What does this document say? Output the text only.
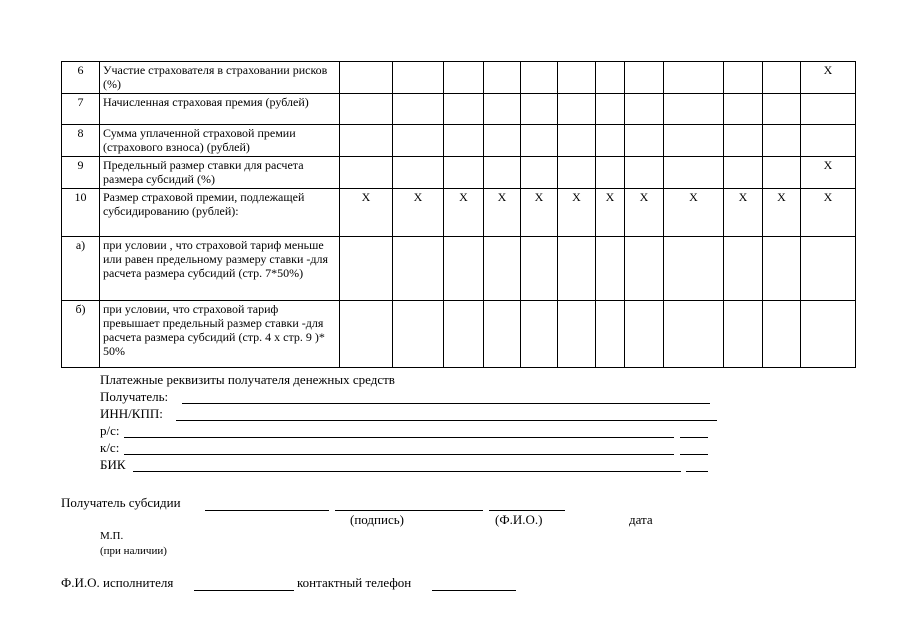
6	Участие страхователя в страховании рисков (%)												Х
7	Начисленная страховая премия (рублей)												
8	Сумма уплаченной страховой премии (страхового взноса) (рублей)												
9	Предельный размер ставки для расчета размера субсидий (%)												Х
10	Размер страховой премии, подлежащей субсидированию (рублей):	Х	Х	Х	Х	Х	Х	Х	Х	Х	Х	Х	Х
а)	при условии , что страховой тариф меньше или равен предельному размеру ставки -для расчета размера субсидий (стр. 7*50%)												
б)	при условии, что страховой тариф превышает предельный размер ставки -для расчета размера субсидий (стр. 4 х стр. 9 )* 50%												
Платежные реквизиты получателя денежных средств
Получатель:
ИНН/КПП:
р/с:
к/с:
БИК
Получатель субсидии
(подпись)	(Ф.И.О.)	дата
М.П.
(при наличии)
Ф.И.О. исполнителя	контактный телефон
